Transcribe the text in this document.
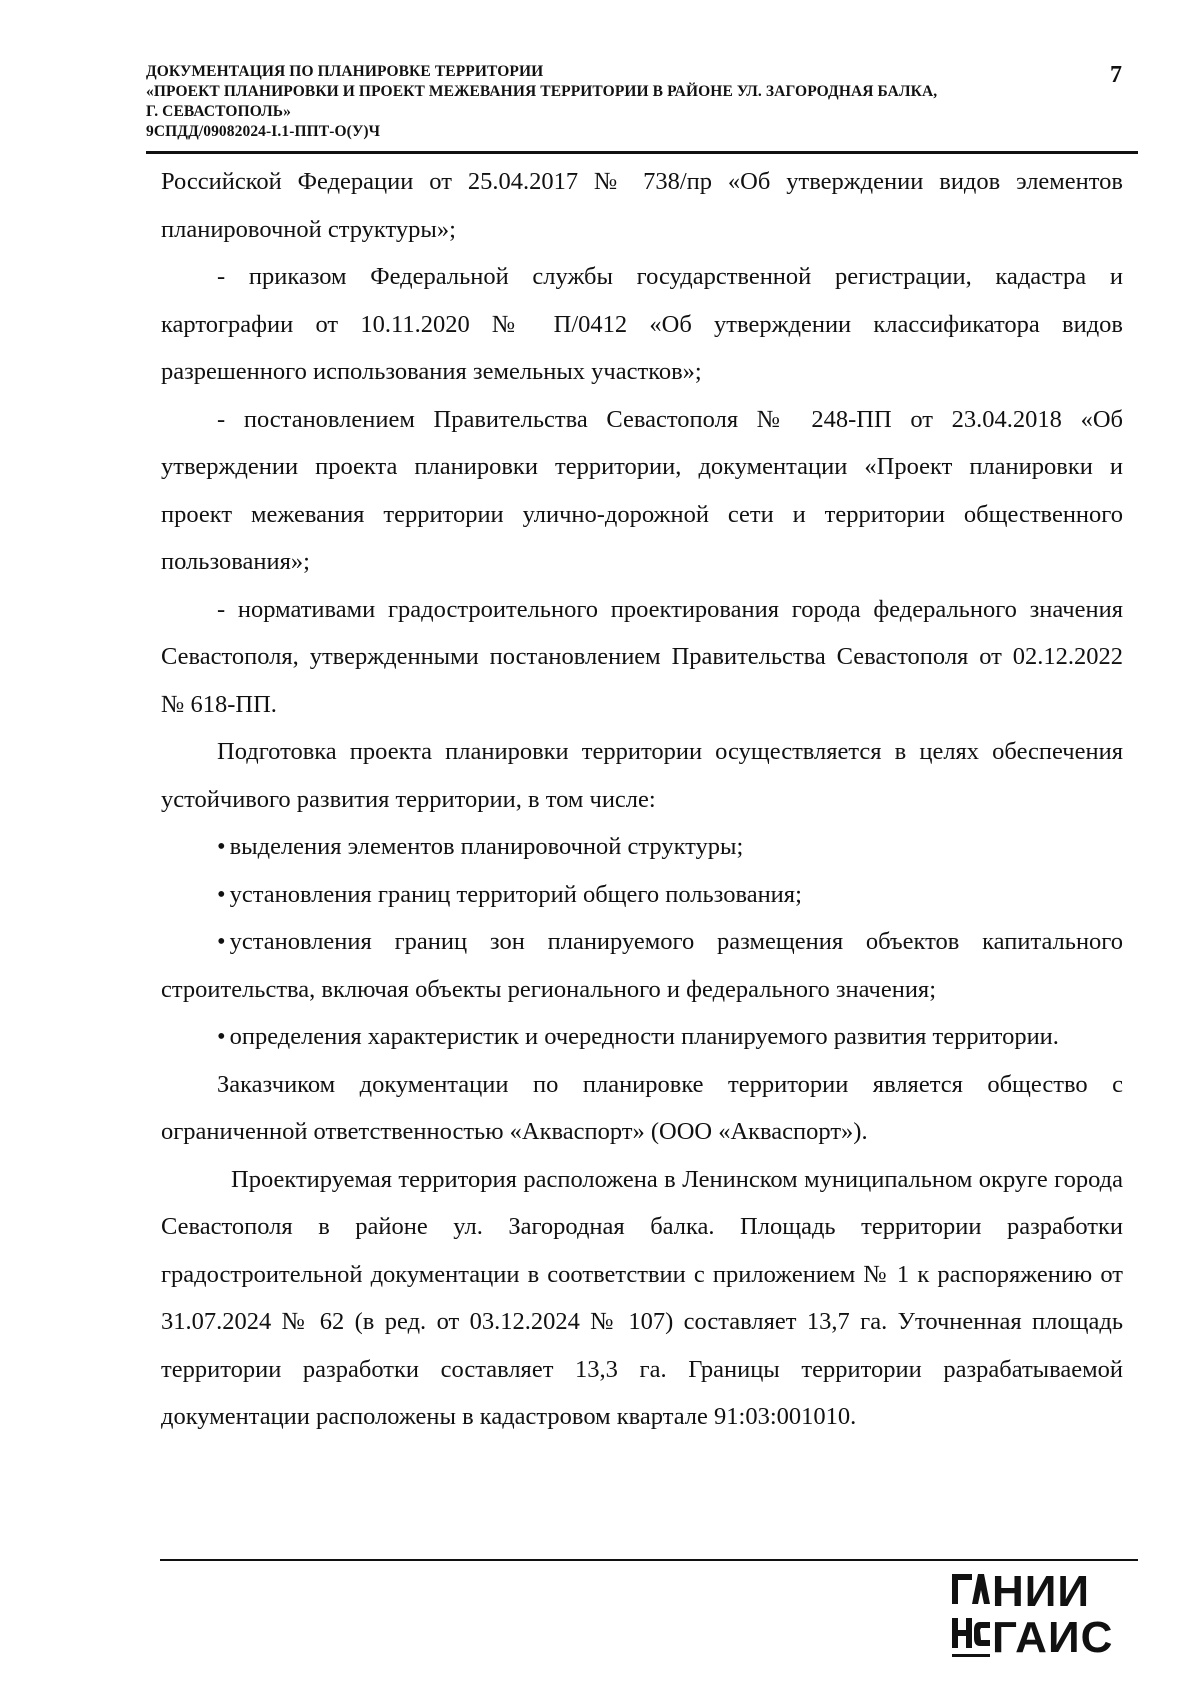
ДОКУМЕНТАЦИЯ ПО ПЛАНИРОВКЕ ТЕРРИТОРИИ
«ПРОЕКТ ПЛАНИРОВКИ И ПРОЕКТ МЕЖЕВАНИЯ ТЕРРИТОРИИ В РАЙОНЕ УЛ. ЗАГОРОДНАЯ БАЛКА,
Г. СЕВАСТОПОЛЬ»
9СПДД/09082024-I.1-ППТ-О(У)Ч
7

Российской Федерации от 25.04.2017 № 738/пр «Об утверждении видов элементов планировочной структуры»;

- приказом Федеральной службы государственной регистрации, кадастра и картографии от 10.11.2020 № П/0412 «Об утверждении классификатора видов разрешенного использования земельных участков»;

- постановлением Правительства Севастополя № 248-ПП от 23.04.2018 «Об утверждении проекта планировки территории, документации «Проект планировки и проект межевания территории улично-дорожной сети и территории общественного пользования»;

- нормативами градостроительного проектирования города федерального значения Севастополя, утвержденными постановлением Правительства Севастополя от 02.12.2022 № 618-ПП.

Подготовка проекта планировки территории осуществляется в целях обеспечения устойчивого развития территории, в том числе:

• выделения элементов планировочной структуры;

• установления границ территорий общего пользования;

• установления границ зон планируемого размещения объектов капитального строительства, включая объекты регионального и федерального значения;

• определения характеристик и очередности планируемого развития территории.

Заказчиком документации по планировке территории является общество с ограниченной ответственностью «Акваспорт» (ООО «Акваспорт»).

Проектируемая территория расположена в Ленинском муниципальном округе города Севастополя в районе ул. Загородная балка. Площадь территории разработки градостроительной документации в соответствии с приложением № 1 к распоряжению от 31.07.2024 № 62 (в ред. от 03.12.2024 № 107) составляет 13,7 га. Уточненная площадь территории разработки составляет 13,3 га. Границы территории разрабатываемой документации расположены в кадастровом квартале 91:03:001010.

НИИ
ГАИС
